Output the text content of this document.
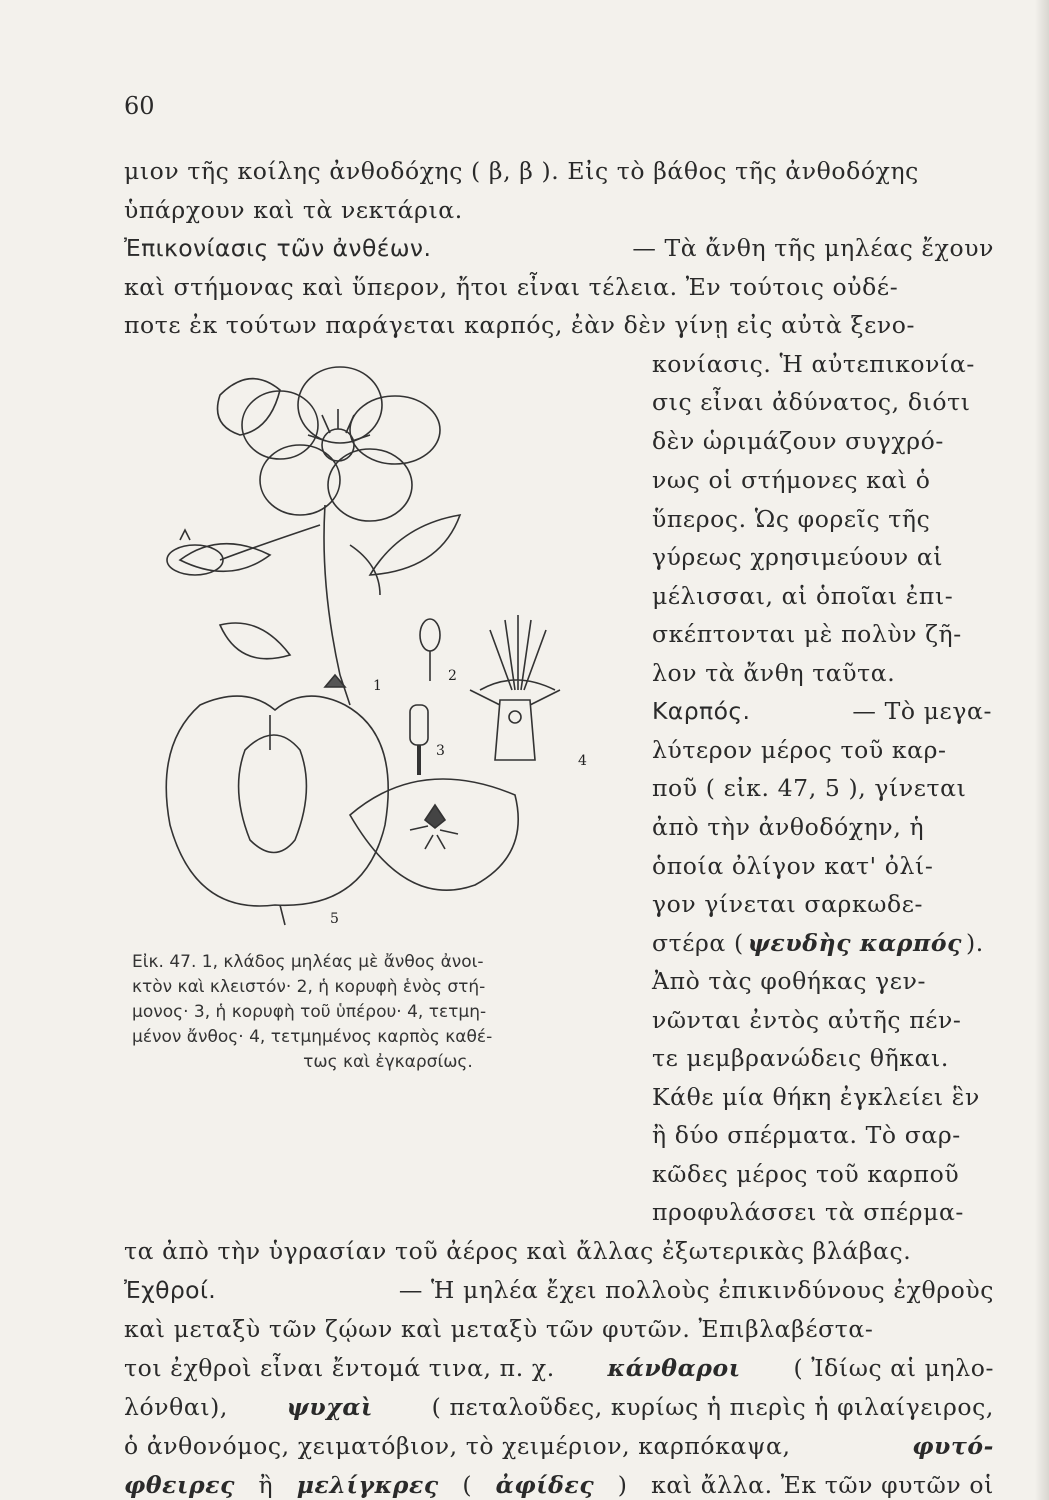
60
μιον τῆς κοίλης ἀνθοδόχης ( β, β ). Εἰς τὸ βάθος τῆς ἀνθοδόχης
ὑπάρχουν καὶ τὰ νεκτάρια.
Ἐπικονίασις τῶν ἀνθέων.	— Τὰ ἄνθη τῆς μηλέας ἔχουν
καὶ στήμονας καὶ ὕπερον, ἤτοι εἶναι τέλεια. Ἐν τούτοις οὐδέ-
ποτε ἐκ τούτων παράγεται καρπός, ἐὰν δὲν γίνῃ εἰς αὐτὰ ξενο-
κονίασις. Ἡ αὐτεπικονία-
σις εἶναι ἀδύνατος, διότι
δὲν ὡριμάζουν συγχρό-
νως οἱ στήμονες καὶ ὁ
ὕπερος. Ὡς φορεῖς τῆς
γύρεως χρησιμεύουν αἱ
μέλισσαι, αἱ ὁποῖαι ἐπι-
σκέπτονται μὲ πολὺν ζῆ-
λον τὰ ἄνθη ταῦτα.
Καρπός.	— Τὸ μεγα-
λύτερον μέρος τοῦ καρ-
ποῦ ( εἰκ. 47, 5 ), γίνεται
ἀπὸ τὴν ἀνθοδόχην, ἡ
ὁποία ὀλίγον κατ' ὀλί-
γον γίνεται σαρκωδε-
στέρα ( ψευδὴς καρπός ).
Ἀπὸ τὰς φοθήκας γεν-
νῶνται ἐντὸς αὐτῆς πέν-
τε μεμβρανώδεις θῆκαι.
Κάθε μία θήκη ἐγκλείει ἓν
ἢ δύο σπέρματα. Τὸ σαρ-
κῶδες μέρος τοῦ καρποῦ
προφυλάσσει τὰ σπέρμα-
τα ἀπὸ τὴν ὑγρασίαν τοῦ ἀέρος καὶ ἄλλας ἐξωτερικὰς βλάβας.
Ἐχθροί.	— Ἡ μηλέα ἔχει πολλοὺς ἐπικινδύνους ἐχθροὺς
καὶ μεταξὺ τῶν ζῴων καὶ μεταξὺ τῶν φυτῶν. Ἐπιβλαβέστα-
τοι ἐχθροὶ εἶναι ἔντομά τινα, π. χ. κάνθαροι ( Ἰδίως αἱ μηλο-
λόνθαι), ψυχαὶ ( πεταλοῦδες, κυρίως ἡ πιερὶς ἡ φιλαίγειρος,
ὁ ἀνθονόμος, χειματόβιον, τὸ χειμέριον, καρπόκαψα,	φυτό-
φθειρες ἢ μελίγκρες ( ἀφίδες ) καὶ ἄλλα. Ἐκ τῶν φυτῶν οἱ
1
2
3
4
5
Εἰκ. 47. 1, κλάδος μηλέας μὲ ἄνθος ἀνοι-
κτὸν καὶ κλειστόν· 2, ἡ κορυφὴ ἑνὸς στή-
μονος· 3, ἡ κορυφὴ τοῦ ὑπέρου· 4, τετμη-
μένον ἄνθος· 4, τετμημένος καρπὸς καθέ-
τως καὶ ἐγκαρσίως.
